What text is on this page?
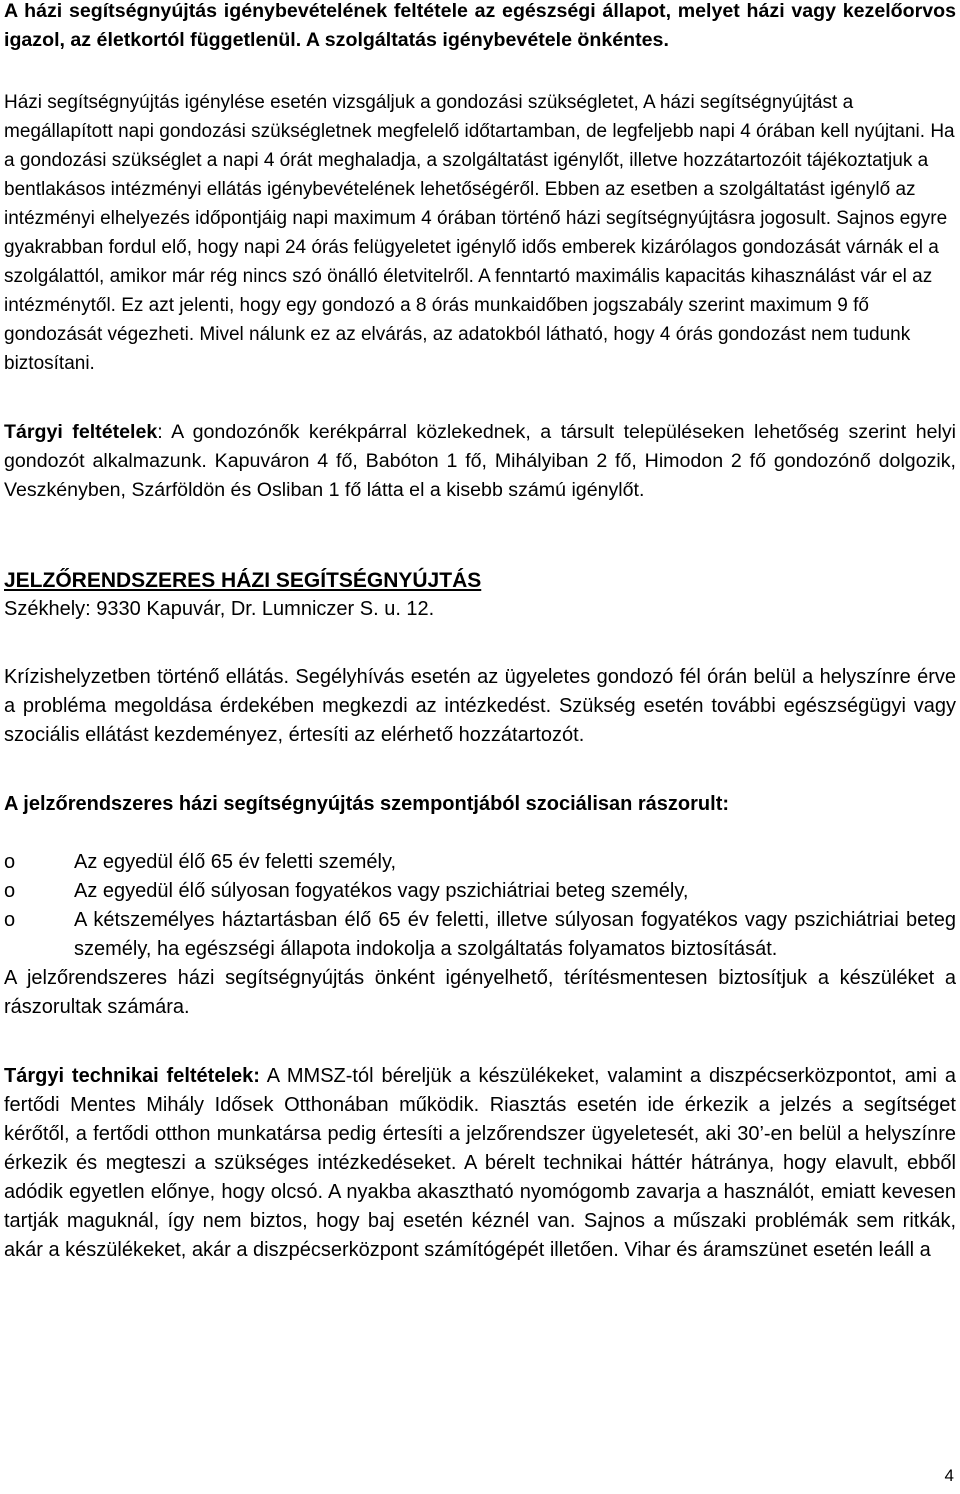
A házi segítségnyújtás igénybevételének feltétele az egészségi állapot, melyet házi vagy kezelőorvos igazol, az életkortól függetlenül. A szolgáltatás igénybevétele önkéntes.

Házi segítségnyújtás igénylése esetén vizsgáljuk a gondozási szükségletet, A házi segítségnyújtást a megállapított napi gondozási szükségletnek megfelelő időtartamban, de legfeljebb napi 4 órában kell nyújtani. Ha a gondozási szükséglet a napi 4 órát meghaladja, a szolgáltatást igénylőt, illetve hozzátartozóit tájékoztatjuk a bentlakásos intézményi ellátás igénybevételének lehetőségéről. Ebben az esetben a szolgáltatást igénylő az intézményi elhelyezés időpontjáig napi maximum 4 órában történő házi segítségnyújtásra jogosult. Sajnos egyre gyakrabban fordul elő, hogy napi 24 órás felügyeletet igénylő idős emberek kizárólagos gondozását várnák el a szolgálattól, amikor már rég nincs szó önálló életvitelről. A fenntartó maximális kapacitás kihasználást vár el az intézménytől. Ez azt jelenti, hogy egy gondozó a 8 órás munkaidőben jogszabály szerint maximum 9 fő gondozását végezheti. Mivel nálunk ez az elvárás, az adatokból látható, hogy 4 órás gondozást nem tudunk biztosítani.

Tárgyi feltételek: A gondozónők kerékpárral közlekednek, a társult településeken lehetőség szerint helyi gondozót alkalmazunk. Kapuváron 4 fő, Babóton 1 fő, Mihályiban 2 fő, Himodon 2 fő gondozónő dolgozik, Veszkényben, Szárföldön és Osliban 1 fő látta el a kisebb számú igénylőt.

JELZŐRENDSZERES HÁZI SEGÍTSÉGNYÚJTÁS

Székhely: 9330 Kapuvár, Dr. Lumniczer S. u. 12.

Krízishelyzetben történő ellátás. Segélyhívás esetén az ügyeletes gondozó fél órán belül a helyszínre érve a probléma megoldása érdekében megkezdi az intézkedést. Szükség esetén további egészségügyi vagy szociális ellátást kezdeményez, értesíti az elérhető hozzátartozót.

A jelzőrendszeres házi segítségnyújtás szempontjából szociálisan rászorult:

o	Az egyedül élő 65 év feletti személy,
o	Az egyedül élő súlyosan fogyatékos vagy pszichiátriai beteg személy,
o	A kétszemélyes háztartásban élő 65 év feletti, illetve súlyosan fogyatékos vagy pszichiátriai beteg személy, ha egészségi állapota indokolja a szolgáltatás folyamatos biztosítását.

A jelzőrendszeres házi segítségnyújtás önként igényelhető, térítésmentesen biztosítjuk a készüléket a rászorultak számára.

Tárgyi technikai feltételek: A MMSZ-tól béreljük a készülékeket, valamint a diszpécserközpontot, ami a fertődi Mentes Mihály Idősek Otthonában működik. Riasztás esetén ide érkezik a jelzés a segítséget kérőtől, a fertődi otthon munkatársa pedig értesíti a jelzőrendszer ügyeletesét, aki 30’-en belül a helyszínre érkezik és megteszi a szükséges intézkedéseket. A bérelt technikai háttér hátránya, hogy elavult, ebből adódik egyetlen előnye, hogy olcsó. A nyakba akasztható nyomógomb zavarja a használót, emiatt kevesen tartják maguknál, így nem biztos, hogy baj esetén kéznél van. Sajnos a műszaki problémák sem ritkák, akár a készülékeket, akár a diszpécserközpont számítógépét illetően. Vihar és áramszünet esetén leáll a

4
